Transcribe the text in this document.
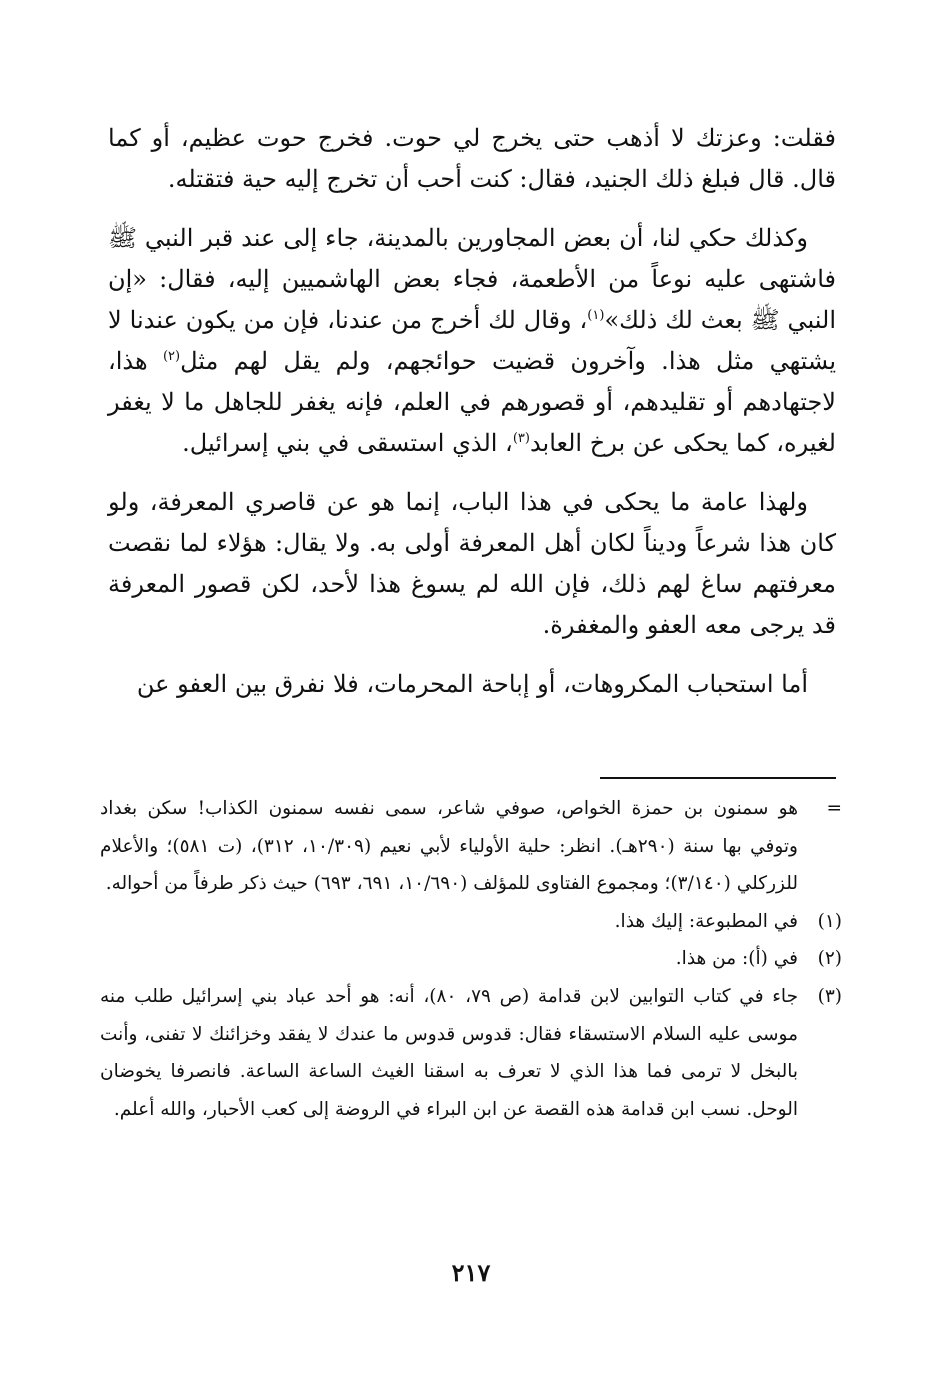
فقلت: وعزتك لا أذهب حتى يخرج لي حوت. فخرج حوت عظيم، أو كما قال. قال فبلغ ذلك الجنيد، فقال: كنت أحب أن تخرج إليه حية فتقتله.

وكذلك حكي لنا، أن بعض المجاورين بالمدينة، جاء إلى عند قبر النبي ﷺ فاشتهى عليه نوعاً من الأطعمة، فجاء بعض الهاشميين إليه، فقال: «إن النبي ﷺ بعث لك ذلك»$^{(١)}$، وقال لك أخرج من عندنا، فإن من يكون عندنا لا يشتهي مثل هذا. وآخرون قضيت حوائجهم، ولم يقل لهم مثل$^{(٢)}$ هذا، لاجتهادهم أو تقليدهم، أو قصورهم في العلم، فإنه يغفر للجاهل ما لا يغفر لغيره، كما يحكى عن برخ العابد$^{(٣)}$، الذي استسقى في بني إسرائيل.

ولهذا عامة ما يحكى في هذا الباب، إنما هو عن قاصري المعرفة، ولو كان هذا شرعاً وديناً لكان أهل المعرفة أولى به. ولا يقال: هؤلاء لما نقصت معرفتهم ساغ لهم ذلك، فإن الله لم يسوغ هذا لأحد، لكن قصور المعرفة قد يرجى معه العفو والمغفرة.

أما استحباب المكروهات، أو إباحة المحرمات، فلا نفرق بين العفو عن

=
هو سمنون بن حمزة الخواص، صوفي شاعر، سمى نفسه سمنون الكذاب! سكن بغداد وتوفي بها سنة (٢٩٠هـ). انظر: حلية الأولياء لأبي نعيم (١٠/٣٠٩، ٣١٢)، (ت ٥٨١)؛ والأعلام للزركلي (٣/١٤٠)؛ ومجموع الفتاوى للمؤلف (١٠/٦٩٠، ٦٩١، ٦٩٣) حيث ذكر طرفاً من أحواله.
(١)
في المطبوعة: إليك هذا.
(٢)
في (أ): من هذا.
(٣)
جاء في كتاب التوابين لابن قدامة (ص ٧٩، ٨٠)، أنه: هو أحد عباد بني إسرائيل طلب منه موسى عليه السلام الاستسقاء فقال: قدوس قدوس ما عندك لا يفقد وخزائنك لا تفنى، وأنت بالبخل لا ترمى فما هذا الذي لا تعرف به اسقنا الغيث الساعة الساعة. فانصرفا يخوضان الوحل. نسب ابن قدامة هذه القصة عن ابن البراء في الروضة إلى كعب الأحبار، والله أعلم.
٢١٧
